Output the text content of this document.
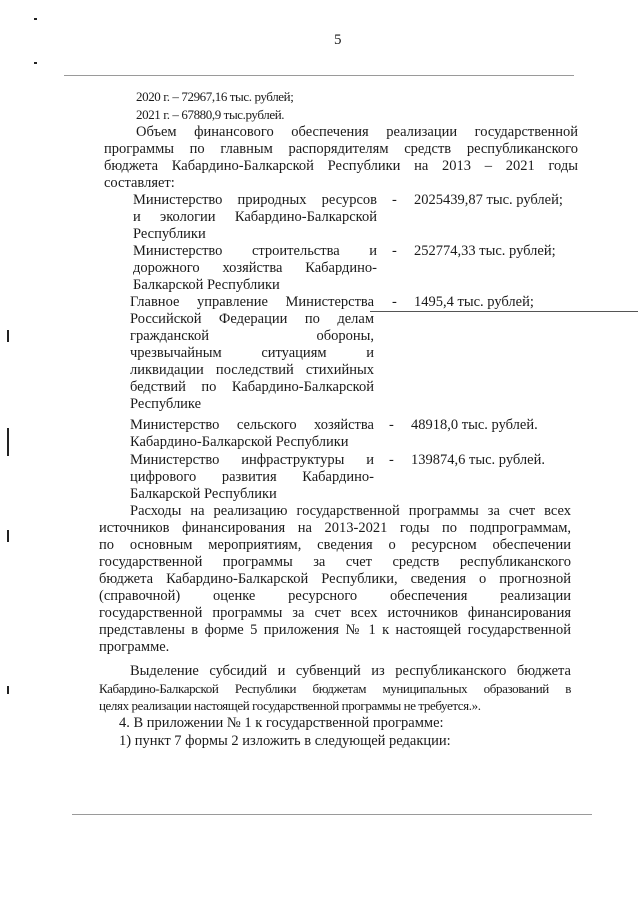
5
2020 г. – 72967,16 тыс. рублей;
2021 г. – 67880,9 тыс.рублей.
Объем финансового обеспечения реализации государственной
программы по главным распорядителям средств республиканского
бюджета Кабардино-Балкарской Республики на 2013 – 2021 годы
составляет:
Министерство природных ресурсов
и экологии Кабардино-Балкарской
Республики
- 2025439,87 тыс. рублей;
Министерство строительства и
дорожного хозяйства Кабардино-
Балкарской Республики
- 252774,33 тыс. рублей;
Главное управление Министерства
Российской Федерации по делам
гражданской обороны,
чрезвычайным ситуациям и
ликвидации последствий стихийных
бедствий по Кабардино-Балкарской
Республике
- 1495,4 тыс. рублей;
Министерство сельского хозяйства
Кабардино-Балкарской Республики
- 48918,0 тыс. рублей.
Министерство инфраструктуры и
цифрового развития Кабардино-
Балкарской Республики
- 139874,6 тыс. рублей.
Расходы на реализацию государственной программы за счет всех
источников финансирования на 2013-2021 годы по подпрограммам,
по основным мероприятиям, сведения о ресурсном обеспечении
государственной программы за счет средств республиканского
бюджета Кабардино-Балкарской Республики, сведения о прогнозной
(справочной) оценке ресурсного обеспечения реализации
государственной программы за счет всех источников финансирования
представлены в форме 5 приложения № 1 к настоящей государственной
программе.
Выделение субсидий и субвенций из республиканского бюджета
Кабардино-Балкарской Республики бюджетам муниципальных образований в
целях реализации настоящей государственной программы не требуется.».
4. В приложении № 1 к государственной программе:
1) пункт 7 формы 2 изложить в следующей редакции:
